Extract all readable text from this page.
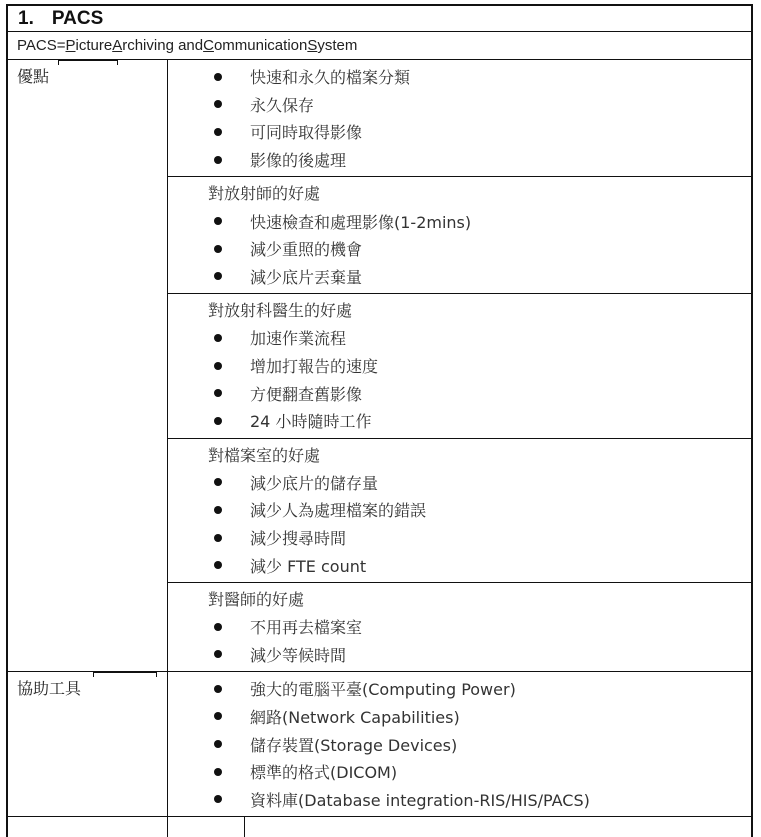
1. PACS
PACS= P icture A rchiving and C ommunication S ystem
優點	快速和永久的檔案分類
永久保存
可同時取得影像
影像的後處理
對放射師的好處
快速檢查和處理影像(1-2mins)
減少重照的機會
減少底片丟棄量
對放射科醫生的好處
加速作業流程
增加打報告的速度
方便翻查舊影像
24 小時隨時工作
對檔案室的好處
減少底片的儲存量
減少人為處理檔案的錯誤
減少搜尋時間
減少 FTE count
對醫師的好處
不用再去檔案室
減少等候時間
協助工具	強大的電腦平臺(Computing Power)
網路(Network Capabilities)
儲存裝置(Storage Devices)
標準的格式(DICOM)
資料庫(Database integration-RIS/HIS/PACS)
